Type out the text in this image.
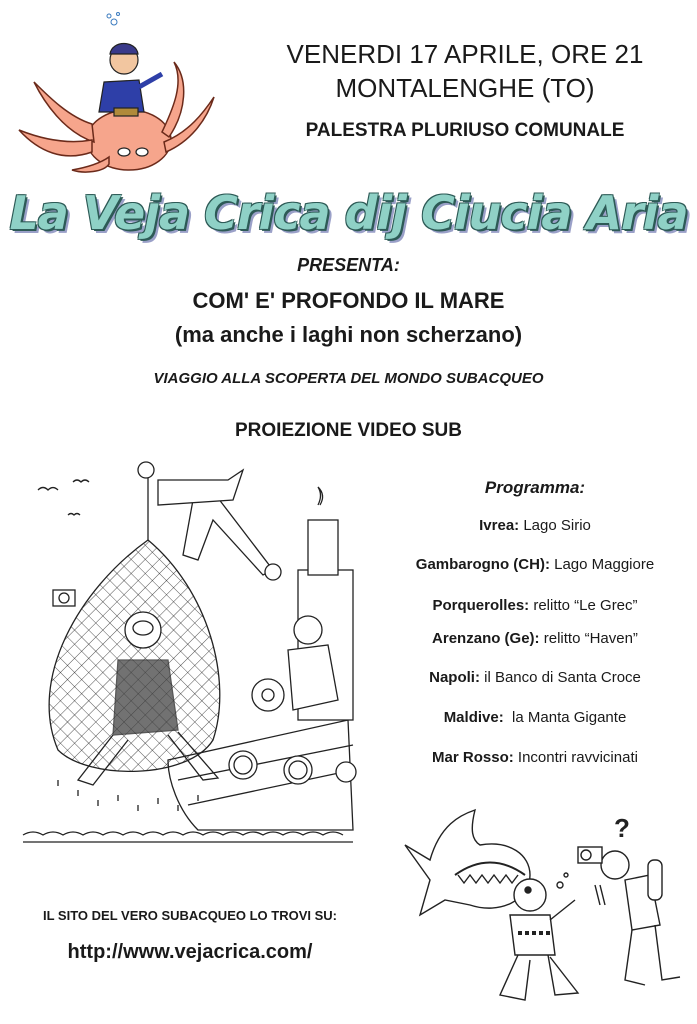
VENERDI 17 APRILE, ORE 21
MONTALENGHE (TO)
PALESTRA PLURIUSO COMUNALE
La Veja Crica dij Ciucia Aria
PRESENTA:
COM' E' PROFONDO IL MARE
(ma anche i laghi non scherzano)
VIAGGIO ALLA SCOPERTA DEL MONDO SUBACQUEO
PROIEZIONE VIDEO SUB
Programma:
Ivrea: Lago Sirio
Gambarogno (CH): Lago Maggiore
Porquerolles: relitto “Le Grec”
Arenzano (Ge): relitto “Haven”
Napoli: il Banco di Santa Croce
Maldive: la Manta Gigante
Mar Rosso: Incontri ravvicinati
?
IL SITO DEL VERO SUBACQUEO LO TROVI SU:
http://www.vejacrica.com/
